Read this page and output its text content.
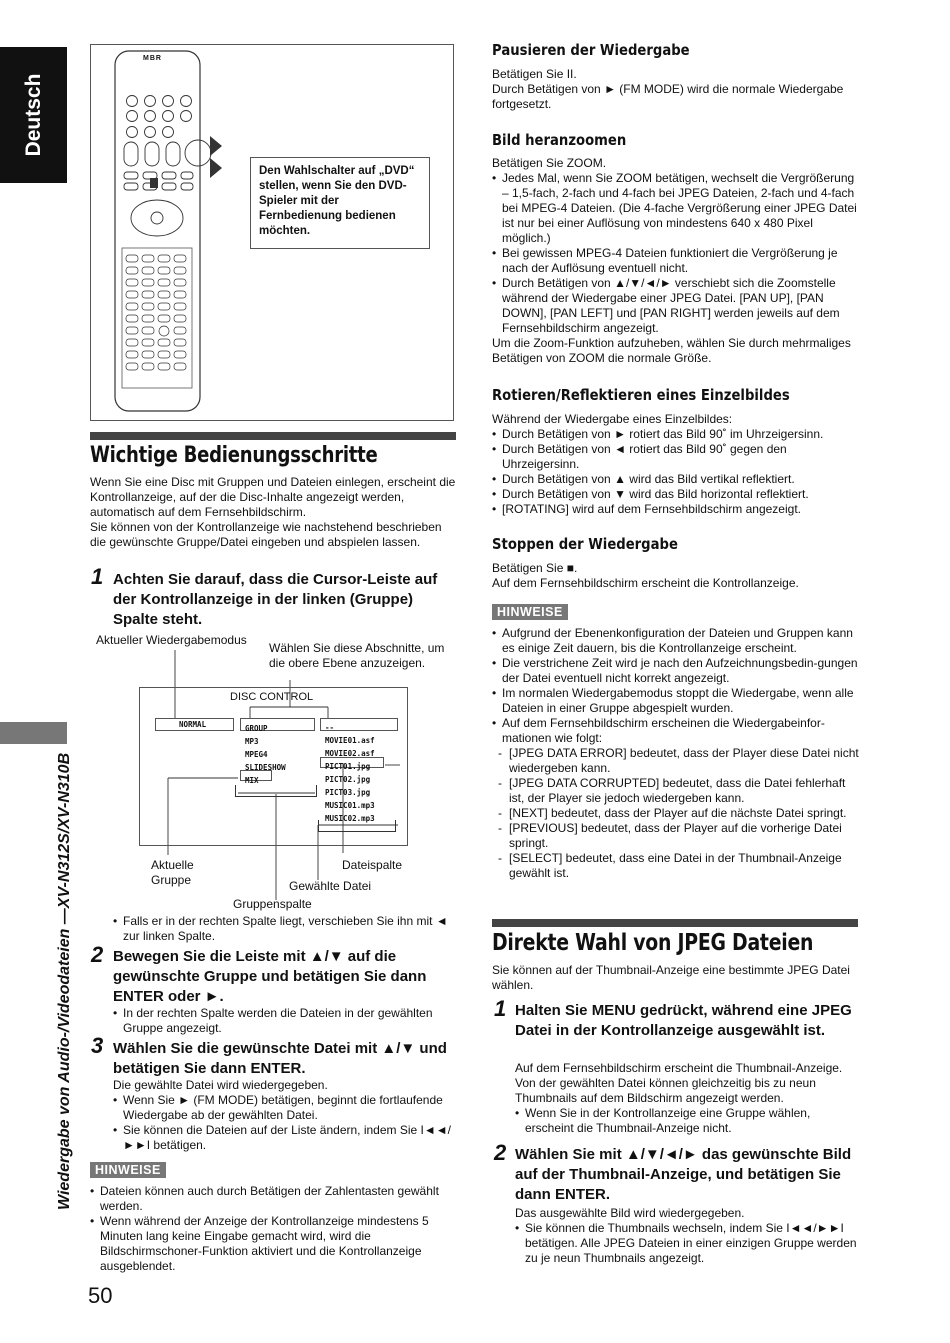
Deutsch
Wiedergabe von Audio-/Videodateien —XV-N312S/XV-N310B
50
MBR
Den Wahlschalter auf „DVD“ stellen, wenn Sie den DVD-Spieler mit der Fernbedienung bedienen möchten.
Wichtige Bedienungsschritte
Wenn Sie eine Disc mit Gruppen und Dateien einlegen, erscheint die Kontrollanzeige, auf der die Disc-Inhalte angezeigt werden, automatisch auf dem Fernsehbildschirm.
Sie können von der Kontrollanzeige wie nachstehend beschrieben die gewünschte Gruppe/Datei eingeben und abspielen lassen.
1 Achten Sie darauf, dass die Cursor-Leiste auf der Kontrollanzeige in der linken (Gruppe) Spalte steht.
Aktueller Wiedergabemodus
Wählen Sie diese Abschnitte, um die obere Ebene anzuzeigen.
DISC CONTROL
NORMAL	GROUP
MP3
MPEG4
SLIDESHOW
MIX
--
MOVIE01.asf
MOVIE02.asf
PICT01.jpg
PICT02.jpg
PICT03.jpg
MUSIC01.mp3
MUSIC02.mp3
Aktuelle Gruppe
Dateispalte
Gewählte Datei
Gruppenspalte
• Falls er in der rechten Spalte liegt, verschieben Sie ihn mit ◄ zur linken Spalte.
2 Bewegen Sie die Leiste mit ▲/▼ auf die gewünschte Gruppe und betätigen Sie dann ENTER oder ►.
• In der rechten Spalte werden die Dateien in der gewählten Gruppe angezeigt.
3 Wählen Sie die gewünschte Datei mit ▲/▼ und betätigen Sie dann ENTER.
Die gewählte Datei wird wiedergegeben.
• Wenn Sie ► (FM MODE) betätigen, beginnt die fortlaufende Wiedergabe ab der gewählten Datei.
• Sie können die Dateien auf der Liste ändern, indem Sie I◄◄/►►I betätigen.
HINWEISE
• Dateien können auch durch Betätigen der Zahlentasten gewählt werden.
• Wenn während der Anzeige der Kontrollanzeige mindestens 5 Minuten lang keine Eingabe gemacht wird, wird die Bildschirmschoner-Funktion aktiviert und die Kontrollanzeige ausgeblendet.
Pausieren der Wiedergabe
Betätigen Sie II.
Durch Betätigen von ► (FM MODE) wird die normale Wiedergabe fortgesetzt.
Bild heranzoomen
Betätigen Sie ZOOM.
• Jedes Mal, wenn Sie ZOOM betätigen, wechselt die Vergrößerung – 1,5-fach, 2-fach und 4-fach bei JPEG Dateien, 2-fach und 4-fach bei MPEG-4 Dateien. (Die 4-fache Vergrößerung einer JPEG Datei ist nur bei einer Auflösung von mindestens 640 x 480 Pixel möglich.)
• Bei gewissen MPEG-4 Dateien funktioniert die Vergrößerung je nach der Auflösung eventuell nicht.
• Durch Betätigen von ▲/▼/◄/► verschiebt sich die Zoomstelle während der Wiedergabe einer JPEG Datei. [PAN UP], [PAN DOWN], [PAN LEFT] und [PAN RIGHT] werden jeweils auf dem Fernsehbildschirm angezeigt.
Um die Zoom-Funktion aufzuheben, wählen Sie durch mehrmaliges Betätigen von ZOOM die normale Größe.
Rotieren/Reflektieren eines Einzelbildes
Während der Wiedergabe eines Einzelbildes:
• Durch Betätigen von ► rotiert das Bild 90˚ im Uhrzeigersinn.
• Durch Betätigen von ◄ rotiert das Bild 90˚ gegen den Uhrzeigersinn.
• Durch Betätigen von ▲ wird das Bild vertikal reflektiert.
• Durch Betätigen von ▼ wird das Bild horizontal reflektiert.
• [ROTATING] wird auf dem Fernsehbildschirm angezeigt.
Stoppen der Wiedergabe
Betätigen Sie ■.
Auf dem Fernsehbildschirm erscheint die Kontrollanzeige.
HINWEISE
• Aufgrund der Ebenenkonfiguration der Dateien und Gruppen kann es einige Zeit dauern, bis die Kontrollanzeige erscheint.
• Die verstrichene Zeit wird je nach den Aufzeichnungsbedin-gungen der Datei eventuell nicht korrekt angezeigt.
• Im normalen Wiedergabemodus stoppt die Wiedergabe, wenn alle Dateien in einer Gruppe abgespielt wurden.
• Auf dem Fernsehbildschirm erscheinen die Wiedergabeinfor-mationen wie folgt:
- [JPEG DATA ERROR] bedeutet, dass der Player diese Datei nicht wiedergeben kann.
- [JPEG DATA CORRUPTED] bedeutet, dass die Datei fehlerhaft ist, der Player sie jedoch wiedergeben kann.
- [NEXT] bedeutet, dass der Player auf die nächste Datei springt.
- [PREVIOUS] bedeutet, dass der Player auf die vorherige Datei springt.
- [SELECT] bedeutet, dass eine Datei in der Thumbnail-Anzeige gewählt ist.
Direkte Wahl von JPEG Dateien
Sie können auf der Thumbnail-Anzeige eine bestimmte JPEG Datei wählen.
1 Halten Sie MENU gedrückt, während eine JPEG Datei in der Kontrollanzeige ausgewählt ist.
Auf dem Fernsehbildschirm erscheint die Thumbnail-Anzeige. Von der gewählten Datei können gleichzeitig bis zu neun Thumbnails auf dem Bildschirm angezeigt werden.
• Wenn Sie in der Kontrollanzeige eine Gruppe wählen, erscheint die Thumbnail-Anzeige nicht.
2 Wählen Sie mit ▲/▼/◄/► das gewünschte Bild auf der Thumbnail-Anzeige, und betätigen Sie dann ENTER.
Das ausgewählte Bild wird wiedergegeben.
• Sie können die Thumbnails wechseln, indem Sie I◄◄/►►I betätigen. Alle JPEG Dateien in einer einzigen Gruppe werden zu je neun Thumbnails angezeigt.
